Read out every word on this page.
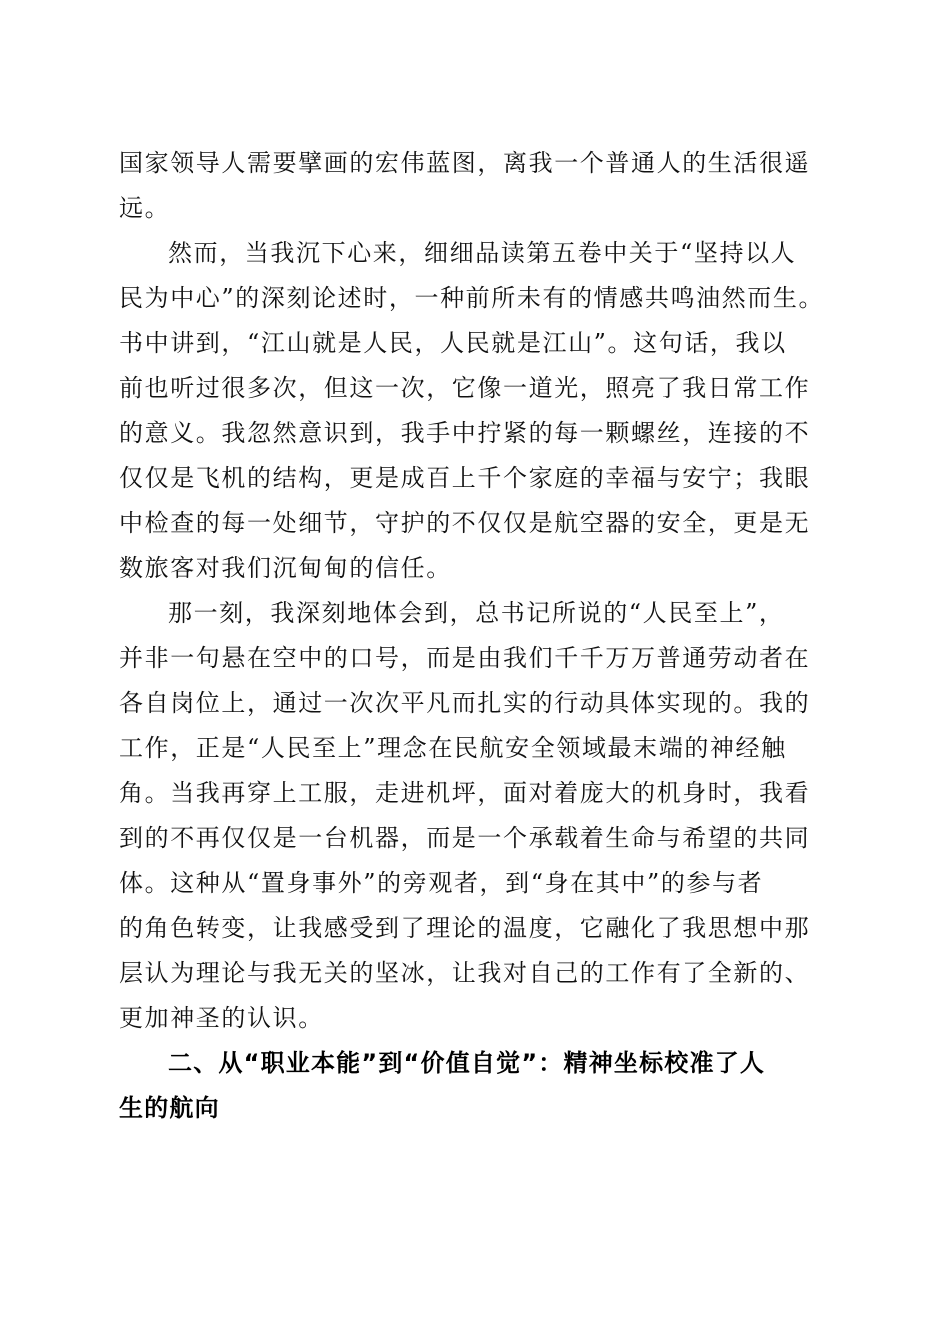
国家领导人需要擘画的宏伟蓝图，离我一个普通人的生活很遥
远。
然而，当我沉下心来，细细品读第五卷中关于“坚持以人
民为中心”的深刻论述时，一种前所未有的情感共鸣油然而生。
书中讲到，“江山就是人民，人民就是江山”。这句话，我以
前也听过很多次，但这一次，它像一道光，照亮了我日常工作
的意义。我忽然意识到，我手中拧紧的每一颗螺丝，连接的不
仅仅是飞机的结构，更是成百上千个家庭的幸福与安宁；我眼
中检查的每一处细节，守护的不仅仅是航空器的安全，更是无
数旅客对我们沉甸甸的信任。
那一刻，我深刻地体会到，总书记所说的“人民至上”，
并非一句悬在空中的口号，而是由我们千千万万普通劳动者在
各自岗位上，通过一次次平凡而扎实的行动具体实现的。我的
工作，正是“人民至上”理念在民航安全领域最末端的神经触
角。当我再穿上工服，走进机坪，面对着庞大的机身时，我看
到的不再仅仅是一台机器，而是一个承载着生命与希望的共同
体。这种从“置身事外”的旁观者，到“身在其中”的参与者
的角色转变，让我感受到了理论的温度，它融化了我思想中那
层认为理论与我无关的坚冰，让我对自己的工作有了全新的、
更加神圣的认识。
二、从“职业本能”到“价值自觉”：精神坐标校准了人
生的航向
